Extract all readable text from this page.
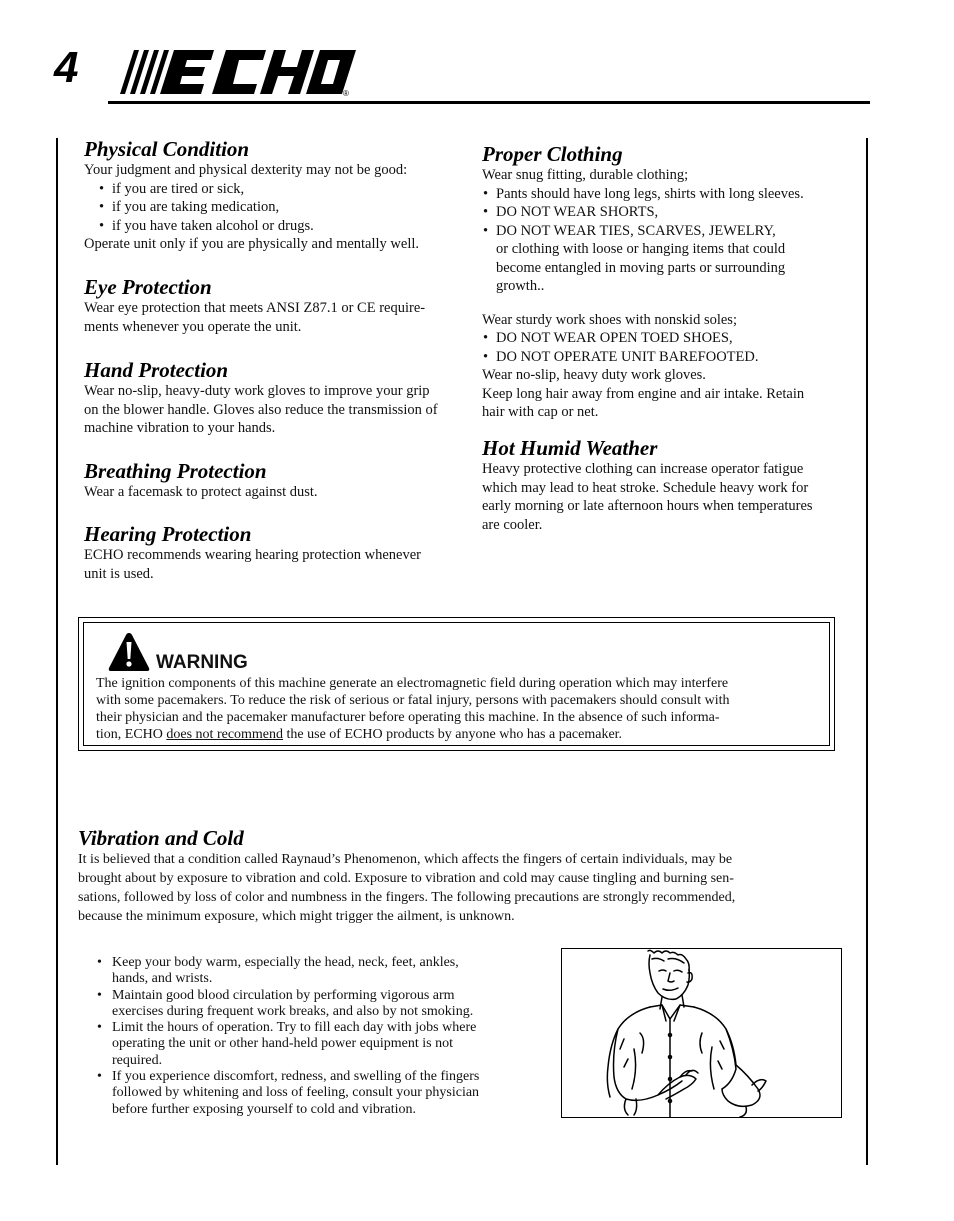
4
®
Physical Condition

Your judgment and physical dexterity may not be good:

• if you are tired or sick,
• if you are taking medication,
• if you have taken alcohol or drugs.

Operate unit only if you are physically and mentally well.

Eye Protection

Wear eye protection that meets ANSI Z87.1 or CE require-

ments whenever you operate the unit.

Hand Protection

Wear no-slip, heavy-duty work gloves to improve your grip

on the blower handle. Gloves also reduce the transmission of

machine vibration to your hands.

Breathing Protection

Wear a facemask to protect against dust.

Hearing Protection

ECHO recommends wearing hearing protection whenever

unit is used.

Proper Clothing

Wear snug fitting, durable clothing;

• Pants should have long legs, shirts with long sleeves.
• DO NOT WEAR SHORTS,
• DO NOT WEAR TIES, SCARVES, JEWELRY,

or clothing with loose or hanging items that could

become entangled in moving parts or surrounding

growth..

Wear sturdy work shoes with nonskid soles;

• DO NOT WEAR OPEN TOED SHOES,
• DO NOT OPERATE UNIT BAREFOOTED.

Wear no-slip, heavy duty work gloves.

Keep long hair away from engine and air intake. Retain

hair with cap or net.

Hot Humid Weather

Heavy protective clothing can increase operator fatigue

which may lead to heat stroke. Schedule heavy work for

early morning or late afternoon hours when temperatures

are cooler.

WARNING

The ignition components of this machine generate an electromagnetic field during operation which may interfere

with some pacemakers. To reduce the risk of serious or fatal injury, persons with pacemakers should consult with

their physician and the pacemaker manufacturer before operating this machine. In the absence of such informa-

tion, ECHO does not recommend the use of ECHO products by anyone who has a pacemaker.

Vibration and Cold

It is believed that a condition called Raynaud’s Phenomenon, which affects the fingers of certain individuals, may be

brought about by exposure to vibration and cold. Exposure to vibration and cold may cause tingling and burning sen-

sations, followed by loss of color and numbness in the fingers. The following precautions are strongly recommended,

because the minimum exposure, which might trigger the ailment, is unknown.

• Keep your body warm, especially the head, neck, feet, ankles,
hands, and wrists.
• Maintain good blood circulation by performing vigorous arm
exercises during frequent work breaks, and also by not smoking.
• Limit the hours of operation. Try to fill each day with jobs where
operating the unit or other hand-held power equipment is not
required.
• If you experience discomfort, redness, and swelling of the fingers
followed by whitening and loss of feeling, consult your physician
before further exposing yourself to cold and vibration.
